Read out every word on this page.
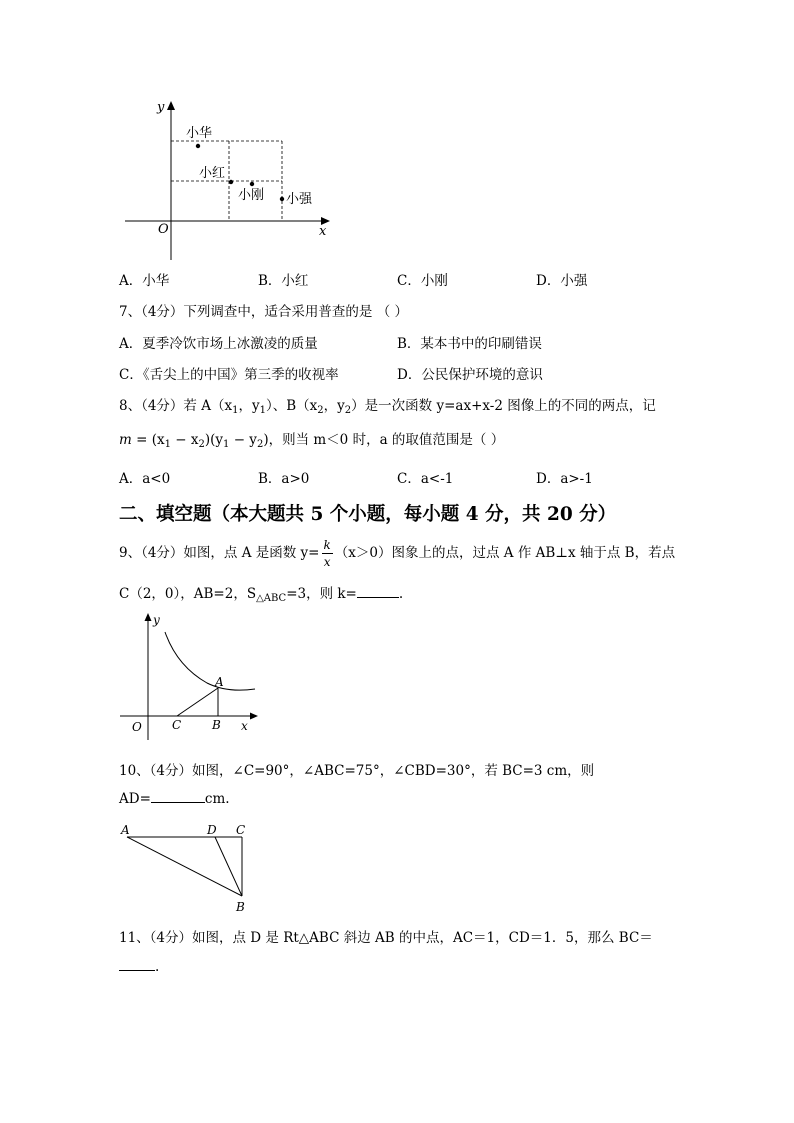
y
x
O
小华
小红
小刚 小强
A．小华	B．小红	C．小刚	D．小强
7、（4分）下列调查中，适合采用普查的是 （ ）
A．夏季冷饮市场上冰激凌的质量	B．某本书中的印刷错误
C．《舌尖上的中国》第三季的收视率	D．公民保护环境的意识
8、（4分）若 $A(x_1$，$y_1$）、$B(x_2$，$y_2$）是一次函数 y=ax+x-2 图像上的不同的两点，记
$m = (x_1 - x_2)(y_1 - y_2)$，则当 m＜0 时，a 的取值范围是（ ）
A．a<0	B．a>0	C．a<-1	D．a>-1
二、填空题（本大题共 5 个小题，每小题 4 分，共 20 分）
9、（4分）如图，点 A 是函数 $y= \frac{k}{x} (x>0)$图象上的点，过点 A 作 AB⊥x 轴于点 B，若点
C（2，0），AB=2，$S_{\triangle ABC}=3$，则 k=	.
y
x
O
A
B
C
10、（4分）如图，∠C=90°，∠ABC=75°，∠CBD=30°，若 BC=3 cm，则
AD=	cm.
A	D C
B
11、（4分）如图，点 D 是 Rt△ABC 斜边 AB 的中点，AC＝1，CD＝1．5，那么 BC＝
.
